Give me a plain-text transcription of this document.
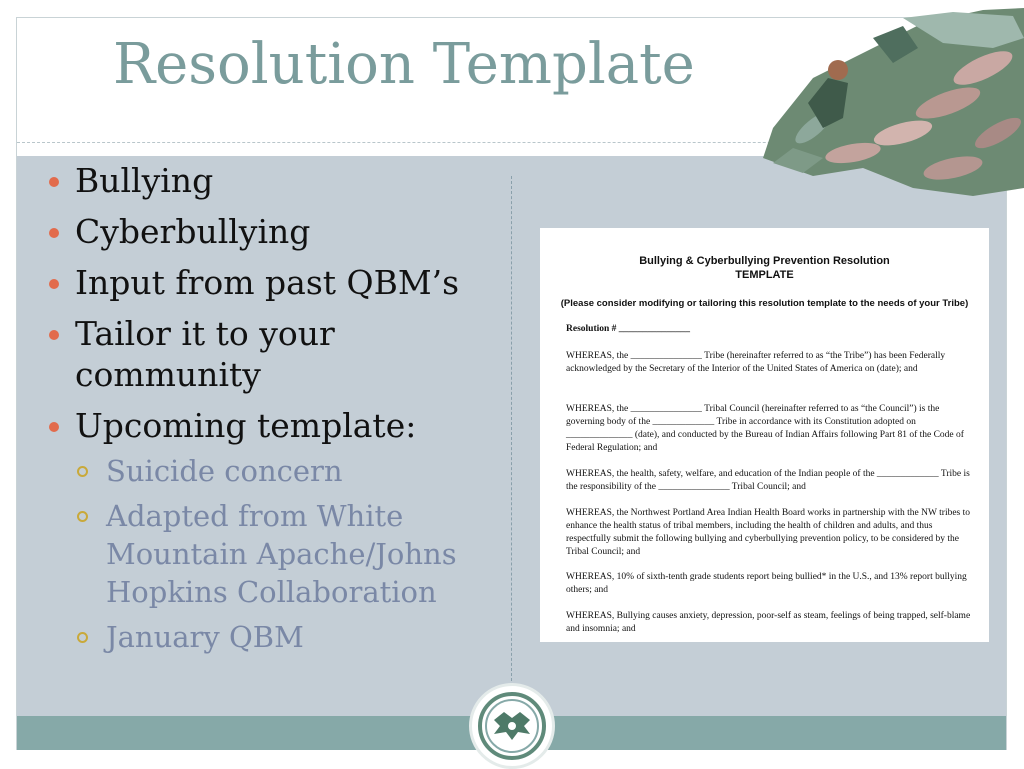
Resolution Template
Bullying
Cyberbullying
Input from past QBM’s
Tailor it to your community
Upcoming template:
Suicide concern
Adapted from White Mountain Apache/Johns Hopkins Collaboration
January QBM
Bullying & Cyberbullying Prevention Resolution
TEMPLATE
(Please consider modifying or tailoring this resolution template to the needs of your Tribe)
Resolution # _______________
WHEREAS, the _______________ Tribe (hereinafter referred to as “the Tribe”) has been Federally acknowledged by the Secretary of the Interior of the United States of America on (date); and
WHEREAS, the _______________ Tribal Council (hereinafter referred to as “the Council”) is the governing body of the _____________ Tribe in accordance with its Constitution adopted on ______________ (date), and conducted by the Bureau of Indian Affairs following Part 81 of the Code of Federal Regulation; and
WHEREAS, the health, safety, welfare, and education of the Indian people of the _____________ Tribe is the responsibility of the _______________ Tribal Council; and
WHEREAS, the Northwest Portland Area Indian Health Board works in partnership with the NW tribes to enhance the health status of tribal members, including the health of children and adults, and thus respectfully submit the following bullying and cyberbullying prevention policy, to be considered by the Tribal Council; and
WHEREAS, 10% of sixth-tenth grade students report being bullied* in the U.S., and 13% report bullying others; and
WHEREAS, Bullying causes anxiety, depression, poor-self as steam, feelings of being trapped, self-blame and insomnia; and
